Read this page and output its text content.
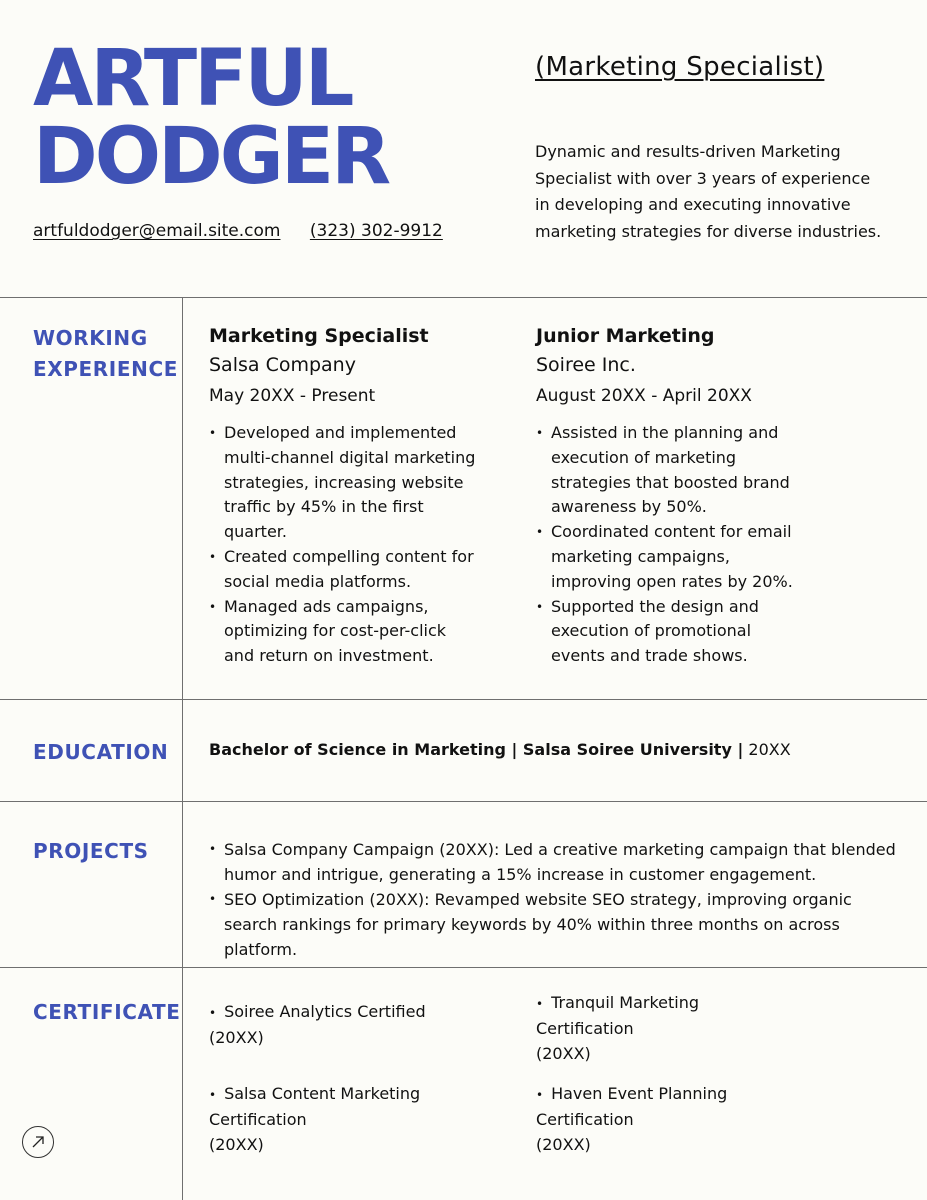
ARTFUL
DODGER
artfuldodger@email.site.com (323) 302-9912
(Marketing Specialist)

Dynamic and results-driven Marketing Specialist with over 3 years of experience in developing and executing innovative marketing strategies for diverse industries.

WORKING EXPERIENCE

Marketing Specialist

Salsa Company

May 20XX - Present

• Developed and implemented multi-channel digital marketing strategies, increasing website traffic by 45% in the first quarter.
• Created compelling content for social media platforms.
• Managed ads campaigns, optimizing for cost-per-click and return on investment.

Junior Marketing

Soiree Inc.

August 20XX - April 20XX

• Assisted in the planning and execution of marketing strategies that boosted brand awareness by 50%.
• Coordinated content for email marketing campaigns, improving open rates by 20%.
• Supported the design and execution of promotional events and trade shows.
EDUCATION	Bachelor of Science in Marketing | Salsa Soiree University | 20XX

PROJECTS
•	Salsa Company Campaign (20XX): Led a creative marketing campaign that blended humor and intrigue, generating a 15% increase in customer engagement.
• SEO Optimization (20XX): Revamped website SEO strategy, improving organic search rankings for primary keywords by 40% within three months on across platform.
CERTIFICATE • Soiree Analytics Certified
(20XX)
• Tranquil Marketing Certification
(20XX)
• Salsa Content Marketing Certification
(20XX)
• Haven Event Planning Certification
(20XX)
